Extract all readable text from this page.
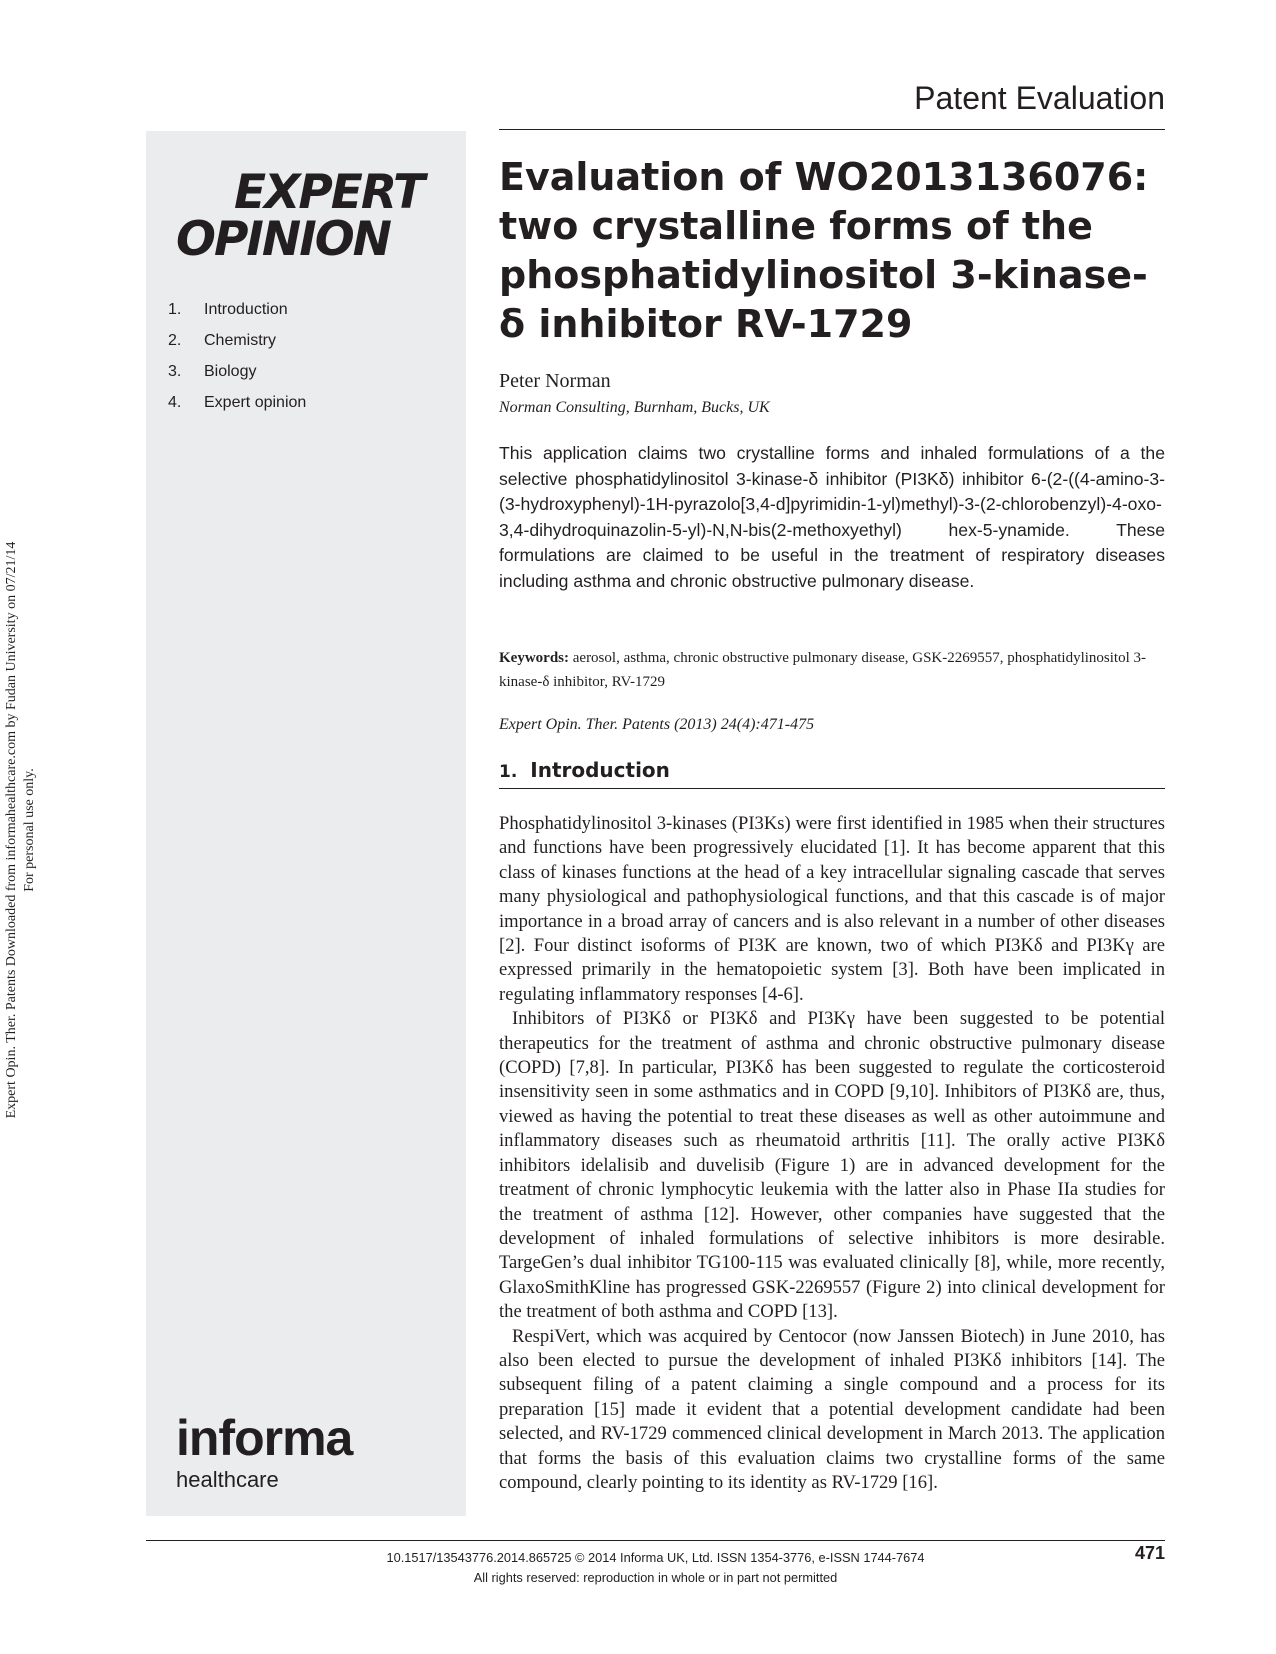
Expert Opin. Ther. Patents Downloaded from informahealthcare.com by Fudan University on 07/21/14 For personal use only.
Patent Evaluation
EXPERT
OPINION
1.	Introduction
2.	Chemistry
3.	Biology
4.	Expert opinion
informa
healthcare
Evaluation of WO2013136076: two crystalline forms of the phosphatidylinositol 3-kinase-δ inhibitor RV-1729
Peter Norman
Norman Consulting, Burnham, Bucks, UK

This application claims two crystalline forms and inhaled formulations of a the selective phosphatidylinositol 3-kinase-δ inhibitor (PI3Kδ) inhibitor 6-(2-((4-amino-3-(3-hydroxyphenyl)-1H-pyrazolo[3,4-d]pyrimidin-1-yl)methyl)-3-(2-chlorobenzyl)-4-oxo-3,4-dihydroquinazolin-5-yl)-N,N-bis(2-methoxyethyl) hex-5-ynamide. These formulations are claimed to be useful in the treatment of respiratory diseases including asthma and chronic obstructive pulmonary disease.

Keywords: aerosol, asthma, chronic obstructive pulmonary disease, GSK-2269557, phosphatidylinositol 3-kinase-δ inhibitor, RV-1729

Expert Opin. Ther. Patents (2013) 24(4):471-475
1. Introduction

Phosphatidylinositol 3-kinases (PI3Ks) were first identified in 1985 when their structures and functions have been progressively elucidated [1]. It has become apparent that this class of kinases functions at the head of a key intracellular signaling cascade that serves many physiological and pathophysiological functions, and that this cascade is of major importance in a broad array of cancers and is also relevant in a number of other diseases [2]. Four distinct isoforms of PI3K are known, two of which PI3Kδ and PI3Kγ are expressed primarily in the hematopoietic system [3]. Both have been implicated in regulating inflammatory responses [4-6].

Inhibitors of PI3Kδ or PI3Kδ and PI3Kγ have been suggested to be potential therapeutics for the treatment of asthma and chronic obstructive pulmonary disease (COPD) [7,8]. In particular, PI3Kδ has been suggested to regulate the corticosteroid insensitivity seen in some asthmatics and in COPD [9,10]. Inhibitors of PI3Kδ are, thus, viewed as having the potential to treat these diseases as well as other autoimmune and inflammatory diseases such as rheumatoid arthritis [11]. The orally active PI3Kδ inhibitors idelalisib and duvelisib (Figure 1) are in advanced development for the treatment of chronic lymphocytic leukemia with the latter also in Phase IIa studies for the treatment of asthma [12]. However, other companies have suggested that the development of inhaled formulations of selective inhibitors is more desirable. TargeGen’s dual inhibitor TG100-115 was evaluated clinically [8], while, more recently, GlaxoSmithKline has progressed GSK-2269557 (Figure 2) into clinical development for the treatment of both asthma and COPD [13].

RespiVert, which was acquired by Centocor (now Janssen Biotech) in June 2010, has also been elected to pursue the development of inhaled PI3Kδ inhibitors [14]. The subsequent filing of a patent claiming a single compound and a process for its preparation [15] made it evident that a potential development candidate had been selected, and RV-1729 commenced clinical development in March 2013. The application that forms the basis of this evaluation claims two crystalline forms of the same compound, clearly pointing to its identity as RV-1729 [16].

10.1517/13543776.2014.865725 © 2014 Informa UK, Ltd. ISSN 1354-3776, e-ISSN 1744-7674
All rights reserved: reproduction in whole or in part not permitted
471
